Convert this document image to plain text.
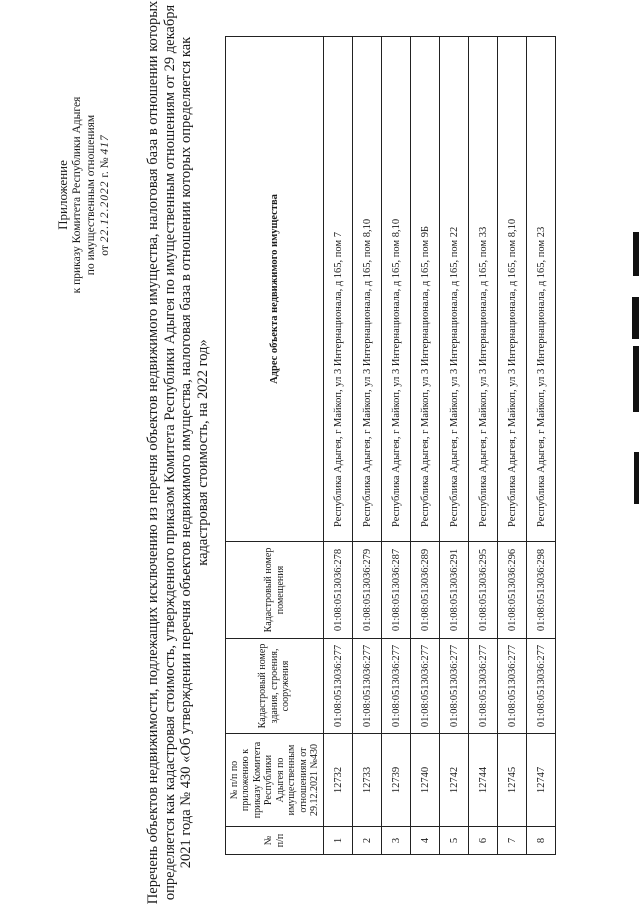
Приложение к приказу Комитета Республики Адыгея по имущественным отношениям от 22.12.2022 г. № 417 Перечень объектов недвижимости, подлежащих исключению из перечня объектов недвижимого имущества, налоговая база в отношении которых определяется как кадастровая стоимость, утвержденного приказом Комитета Республики Адыгея по имущественным отношениям от 29 декабря 2021 года № 430 «Об утверждении перечня объектов недвижимого имущества, налоговая база в отношении которых определяется как кадастровая стоимость, на 2022 год»
№ п/п	№ п/п по приложению к приказу Комитета Республики Адыгея по имущественным отношениям от 29.12.2021 №430	Кадастровый номер здания, строения, сооружения	Кадастровый номер помещения	Адрес объекта недвижимого имущества
1	12732	01:08:0513036:277	01:08:0513036:278	Республика Адыгея, г Майкоп, ул 3 Интернационала, д 165, пом 7
2	12733	01:08:0513036:277	01:08:0513036:279	Республика Адыгея, г Майкоп, ул 3 Интернационала, д 165, пом 8,10
3	12739	01:08:0513036:277	01:08:0513036:287	Республика Адыгея, г Майкоп, ул 3 Интернационала, д 165, пом 8,10
4	12740	01:08:0513036:277	01:08:0513036:289	Республика Адыгея, г Майкоп, ул 3 Интернационала, д 165, пом 9Б
5	12742	01:08:0513036:277	01:08:0513036:291	Республика Адыгея, г Майкоп, ул 3 Интернационала, д 165, пом 22
6	12744	01:08:0513036:277	01:08:0513036:295	Республика Адыгея, г Майкоп, ул 3 Интернационала, д 165, пом 33
7	12745	01:08:0513036:277	01:08:0513036:296	Республика Адыгея, г Майкоп, ул 3 Интернационала, д 165, пом 8,10
8	12747	01:08:0513036:277	01:08:0513036:298	Республика Адыгея, г Майкоп, ул 3 Интернационала, д 165, пом 23
